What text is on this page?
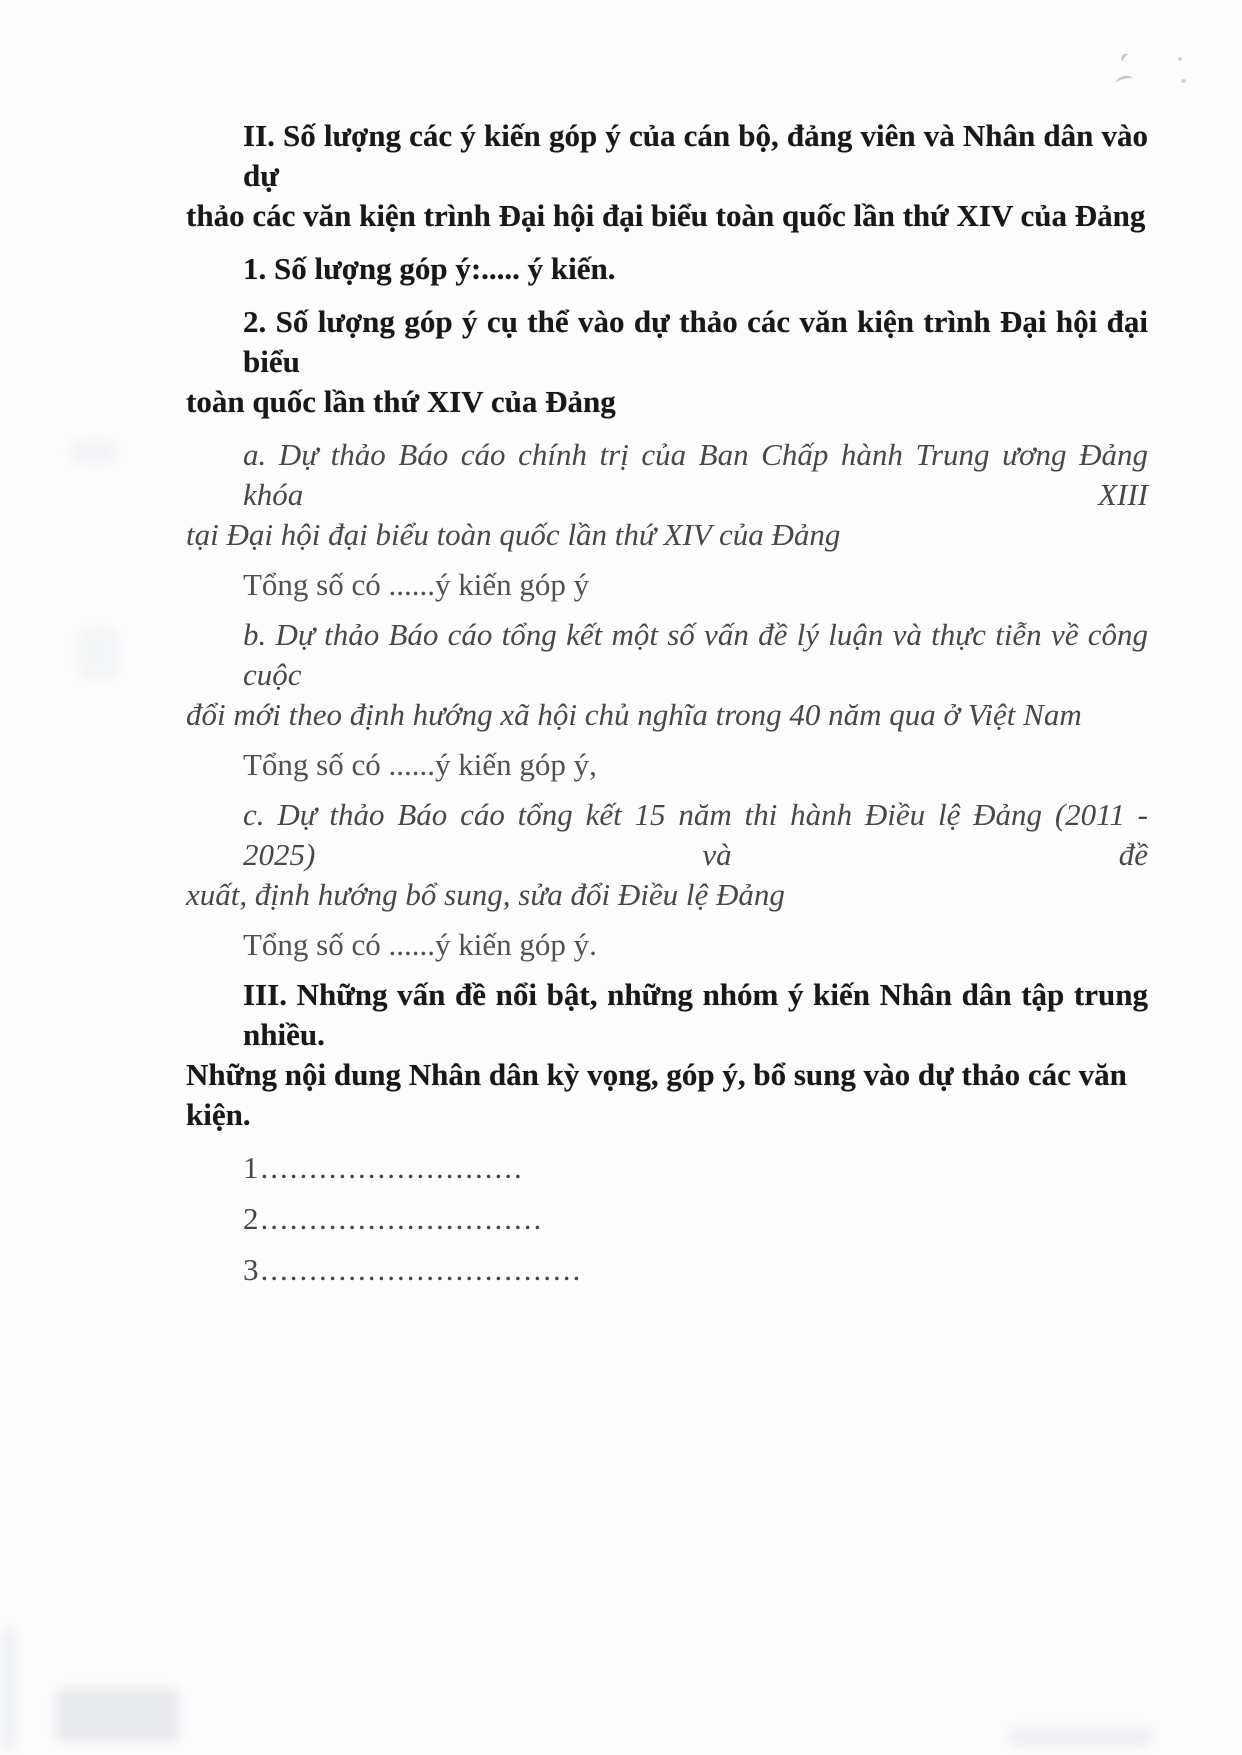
II. Số lượng các ý kiến góp ý của cán bộ, đảng viên và Nhân dân vào dự
thảo các văn kiện trình Đại hội đại biểu toàn quốc lần thứ XIV của Đảng
1. Số lượng góp ý:..... ý kiến.
2. Số lượng góp ý cụ thể vào dự thảo các văn kiện trình Đại hội đại biểu
toàn quốc lần thứ XIV của Đảng
a. Dự thảo Báo cáo chính trị của Ban Chấp hành Trung ương Đảng khóa XIII
tại Đại hội đại biểu toàn quốc lần thứ XIV của Đảng
Tổng số có ......ý kiến góp ý
b. Dự thảo Báo cáo tổng kết một số vấn đề lý luận và thực tiễn về công cuộc
đổi mới theo định hướng xã hội chủ nghĩa trong 40 năm qua ở Việt Nam
Tổng số có ......ý kiến góp ý,
c. Dự thảo Báo cáo tổng kết 15 năm thi hành Điều lệ Đảng (2011 - 2025) và đề
xuất, định hướng bổ sung, sửa đổi Điều lệ Đảng
Tổng số có ......ý kiến góp ý.
III. Những vấn đề nổi bật, những nhóm ý kiến Nhân dân tập trung nhiều.
Những nội dung Nhân dân kỳ vọng, góp ý, bổ sung vào dự thảo các văn kiện.
1...........................
2.............................
3.................................
